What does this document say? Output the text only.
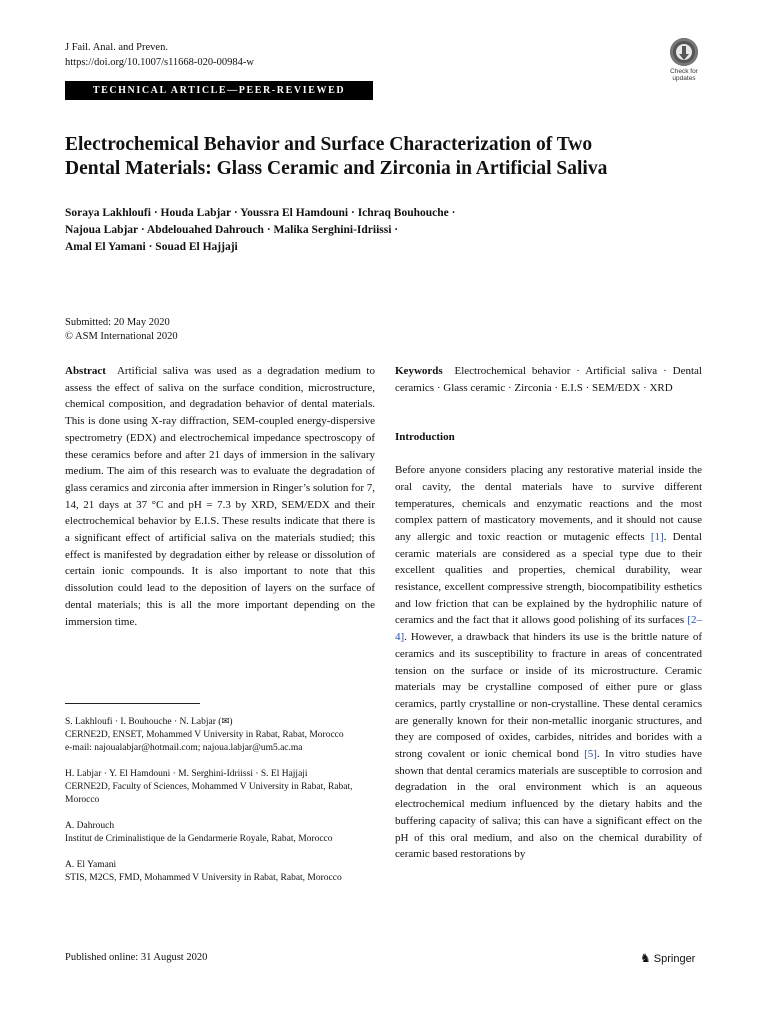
J Fail. Anal. and Preven.
https://doi.org/10.1007/s11668-020-00984-w
Check for updates
TECHNICAL ARTICLE—PEER-REVIEWED
Electrochemical Behavior and Surface Characterization of Two
Dental Materials: Glass Ceramic and Zirconia in Artificial Saliva
Soraya Lakhloufi · Houda Labjar · Youssra El Hamdouni · Ichraq Bouhouche ·
Najoua Labjar · Abdelouahed Dahrouch · Malika Serghini-Idriissi ·
Amal El Yamani · Souad El Hajjaji
Submitted: 20 May 2020
© ASM International 2020
Abstract Artificial saliva was used as a degradation medium to assess the effect of saliva on the surface condition, microstructure, chemical composition, and degradation behavior of dental materials. This is done using X-ray diffraction, SEM-coupled energy-dispersive spectrometry (EDX) and electrochemical impedance spectroscopy of these ceramics before and after 21 days of immersion in the salivary medium. The aim of this research was to evaluate the degradation of glass ceramics and zirconia after immersion in Ringer’s solution for 7, 14, 21 days at 37 °C and pH = 7.3 by XRD, SEM/EDX and their electrochemical behavior by E.I.S. These results indicate that there is a significant effect of artificial saliva on the materials studied; this effect is manifested by degradation either by release or dissolution of certain ionic compounds. It is also important to note that this dissolution could lead to the deposition of layers on the surface of dental materials; this is all the more important depending on the immersion time.
S. Lakhloufi · I. Bouhouche · N. Labjar (✉)
CERNE2D, ENSET, Mohammed V University in Rabat, Rabat, Morocco
e-mail: najoualabjar@hotmail.com; najoua.labjar@um5.ac.ma
H. Labjar · Y. El Hamdouni · M. Serghini-Idriissi · S. El Hajjaji
CERNE2D, Faculty of Sciences, Mohammed V University in Rabat, Rabat, Morocco
A. Dahrouch
Institut de Criminalistique de la Gendarmerie Royale, Rabat, Morocco
A. El Yamani
STIS, M2CS, FMD, Mohammed V University in Rabat, Rabat, Morocco
Keywords Electrochemical behavior · Artificial saliva · Dental ceramics · Glass ceramic · Zirconia · E.I.S · SEM/EDX · XRD
Introduction

Before anyone considers placing any restorative material inside the oral cavity, the dental materials have to survive different temperatures, chemicals and enzymatic reactions and the most complex pattern of masticatory movements, and it should not cause any allergic and toxic reaction or mutagenic effects [1]. Dental ceramic materials are considered as a special type due to their excellent qualities and properties, chemical durability, wear resistance, excellent compressive strength, biocompatibility esthetics and low friction that can be explained by the hydrophilic nature of ceramics and the fact that it allows good polishing of its surfaces [2–4]. However, a drawback that hinders its use is the brittle nature of ceramics and its susceptibility to fracture in areas of concentrated tension on the surface or inside of its microstructure. Ceramic materials may be crystalline composed of either pure or glass ceramics, partly crystalline or non-crystalline. These dental ceramics are generally known for their non-metallic inorganic structures, and they are composed of oxides, carbides, nitrides and borides with a strong covalent or ionic chemical bond [5]. In vitro studies have shown that dental ceramics materials are susceptible to corrosion and degradation in the oral environment which is an aqueous electrochemical medium influenced by the dietary habits and the buffering capacity of saliva; this can have a significant effect on the pH of this oral medium, and also on the chemical durability of ceramic based restorations by

Published online: 31 August 2020	♞ Springer
